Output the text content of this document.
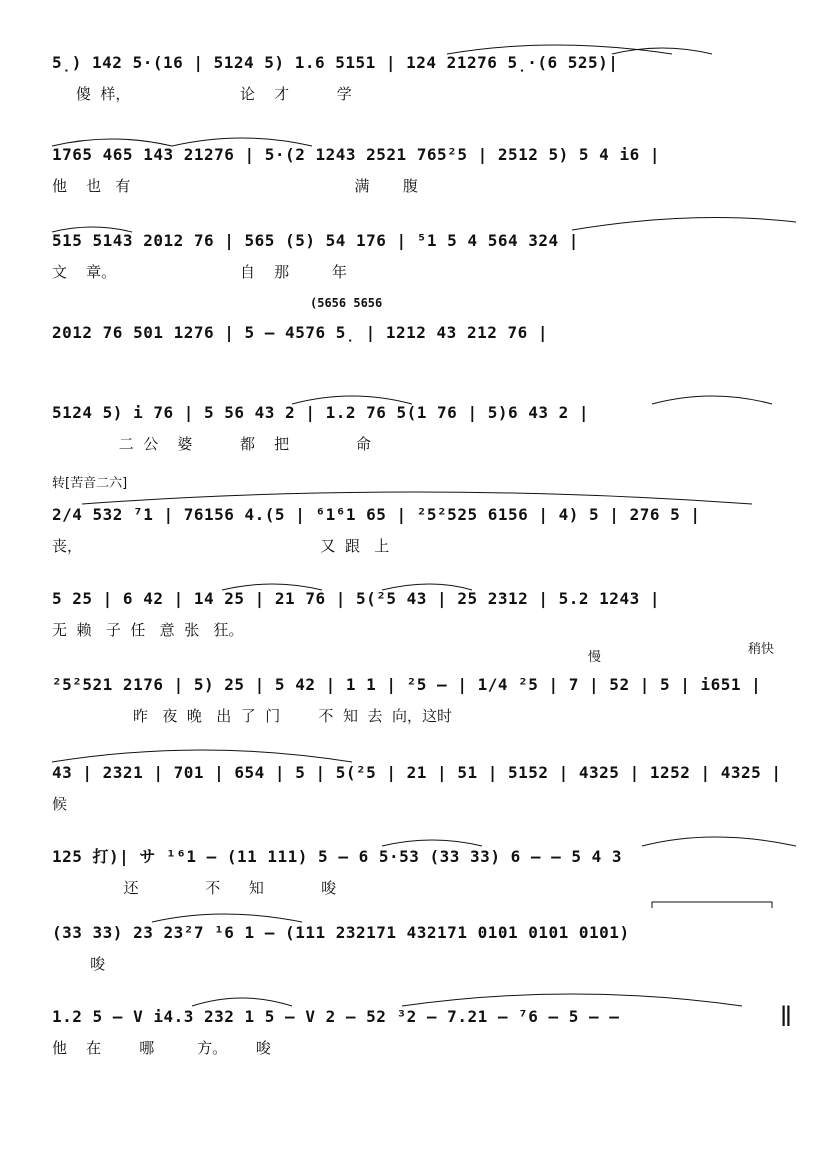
5̣) 142 5·(16 | 5124 5) 1.6 5151 | 124 21276 5̣·(6 525)|
傻  样，                       论    才          学
1765 465 143 21276 | 5·(2 1243 2521 765²5 | 2512 5) 5 4 i6 |
他    也   有                                               满       腹
515 5143 2012 76 | 565 (5) 54 176 | ⁵1 5 4 564 324 |
文    章。                          自    那         年
(5656 5656
2012 76 501 1276 | 5 — 4576 5̣ | 1212 43 212 76 |
5124 5) i 76 | 5 56 43 2 | 1.2 76 5(1 76 | 5)6 43 2 |
二  公    婆          都    把              命
转[苦音二六]
2/4 532 ⁷1 | 76156 4.(5 | ⁶1⁶1 65 | ²5²525 6156 | 4) 5 | 276 5 |
丧，                                                  又  跟   上
5 25 | 6 42 | 14 25 | 21 76 | 5(²5 43 | 25 2312 | 5.2 1243 |
无  赖   子  任   意  张   狂。
慢
稍快
²5²521 2176 | 5) 25 | 5 42 | 1 1 | ²5 — | 1/4 ²5 | 7 | 52 | 5 | i651 |
昨   夜  晚   出  了  门        不  知  去  向，这时
43 | 2321 | 701 | 654 | 5 | 5(²5 | 21 | 51 | 5152 | 4325 | 1252 | 4325 |
候
125 打)| サ ¹⁶1 — (11 111) 5 — 6 5·53 (33 33) 6 — — 5 4 3
还              不      知            唆
(33 33) 23 23²7 ¹6 1 — (111 232171 432171 0101 0101 0101)
唆
1.2 5 — V i4.3 232 1 5 — V 2 — 52 ³2 — 7.21 — ⁷6 — 5 — —
他    在        哪         方。      唆
‖
